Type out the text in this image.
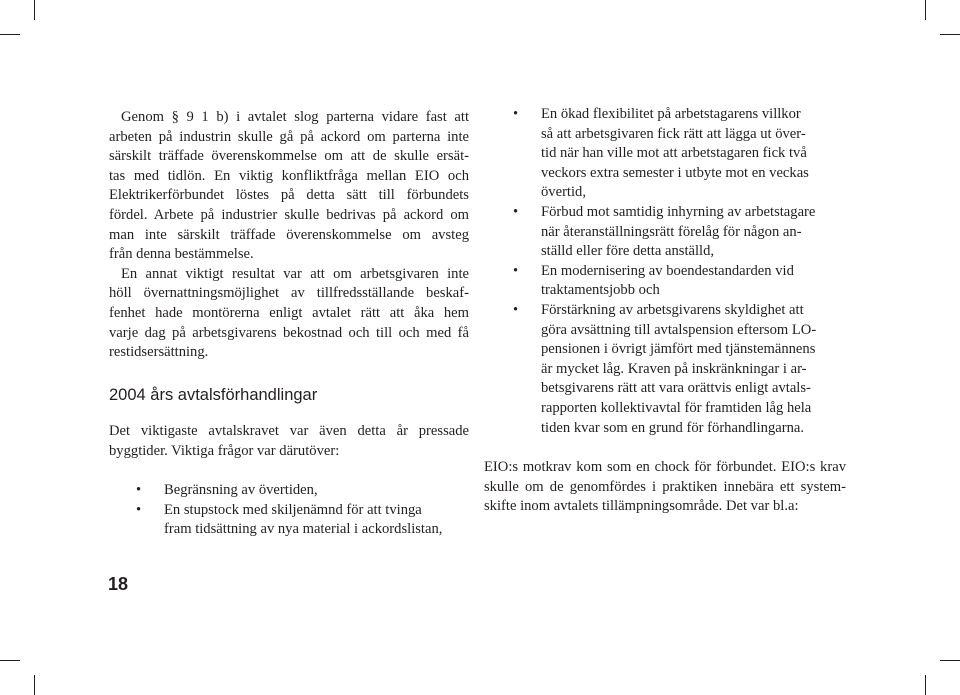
Genom § 9 1 b) i avtalet slog parterna vidare fast att
arbeten på industrin skulle gå på ackord om parterna inte
särskilt träffade överenskommelse om att de skulle ersät-
tas med tidlön. En viktig konfliktfråga mellan EIO och
Elektrikerförbundet löstes på detta sätt till förbundets
fördel. Arbete på industrier skulle bedrivas på ackord om
man inte särskilt träffade överenskommelse om avsteg
från denna bestämmelse.
En annat viktigt resultat var att om arbetsgivaren inte
höll övernattningsmöjlighet av tillfredsställande beskaf-
fenhet hade montörerna enligt avtalet rätt att åka hem
varje dag på arbetsgivarens bekostnad och till och med få
restidsersättning.
2004 års avtalsförhandlingar
Det viktigaste avtalskravet var även detta år pressade
byggtider. Viktiga frågor var därutöver:
• Begränsning av övertiden,
• En stupstock med skiljenämnd för att tvinga
fram tidsättning av nya material i ackordslistan,
• En ökad flexibilitet på arbetstagarens villkor
så att arbetsgivaren fick rätt att lägga ut över-
tid när han ville mot att arbetstagaren fick två
veckors extra semester i utbyte mot en veckas
övertid,
• Förbud mot samtidig inhyrning av arbetstagare
när återanställningsrätt förelåg för någon an-
ställd eller före detta anställd,
• En modernisering av boendestandarden vid
traktamentsjobb och
• Förstärkning av arbetsgivarens skyldighet att
göra avsättning till avtalspension eftersom LO-
pensionen i övrigt jämfört med tjänstemännens
är mycket låg. Kraven på inskränkningar i ar-
betsgivarens rätt att vara orättvis enligt avtals-
rapporten kollektivavtal för framtiden låg hela
tiden kvar som en grund för förhandlingarna.
EIO:s motkrav kom som en chock för förbundet. EIO:s krav
skulle om de genomfördes i praktiken innebära ett system-
skifte inom avtalets tillämpningsområde. Det var bl.a:
18
